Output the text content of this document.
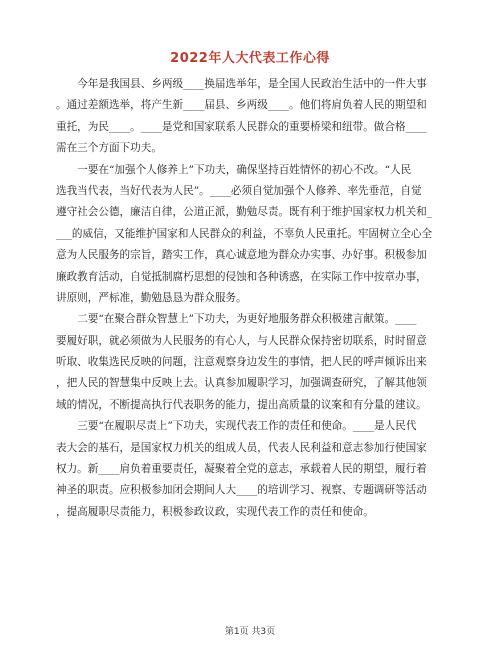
2022年人大代表工作心得
　　今年是我国县、乡两级____换届选举年，是全国人民政治生活中的一件大事
。通过差额选举，将产生新____届县、乡两级____。他们将肩负着人民的期望和
重托，为民____。____是党和国家联系人民群众的重要桥梁和纽带。做合格____
需在三个方面下功夫。
　　一要在“加强个人修养上”下功夫，确保坚持百姓情怀的初心不改。“人民
选我当代表，当好代表为人民”。____必须自觉加强个人修养、率先垂范，自觉
遵守社会公德，廉洁自律，公道正派，勤勉尽责。既有利于维护国家权力机关和_
___的威信，又能维护国家和人民群众的利益，不辜负人民重托。牢固树立全心全
意为人民服务的宗旨，踏实工作，真心诚意地为群众办实事、办好事。积极参加
廉政教育活动，自觉抵制腐朽思想的侵蚀和各种诱惑，在实际工作中按章办事，
讲原则，严标准，勤勉恳恳为群众服务。
　　二要“在聚合群众智慧上”下功夫，为更好地服务群众积极建言献策。____
要履好职，就必须做为人民服务的有心人，与人民群众保持密切联系，时时留意
听取、收集选民反映的问题，注意观察身边发生的事情，把人民的呼声倾诉出来
，把人民的智慧集中反映上去。认真参加履职学习，加强调查研究，了解其他领
域的情况，不断提高执行代表职务的能力，提出高质量的议案和有分量的建议。
　　三要“在履职尽责上”下功夫，实现代表工作的责任和使命。____是人民代
表大会的基石，是国家权力机关的组成人员，代表人民利益和意志参加行使国家
权力。新____肩负着重要责任，凝聚着全党的意志，承载着人民的期望，履行着
神圣的职责。应积极参加闭会期间人大____的培训学习、视察、专题调研等活动
，提高履职尽责能力，积极参政议政，实现代表工作的责任和使命。
第1页 共3页
